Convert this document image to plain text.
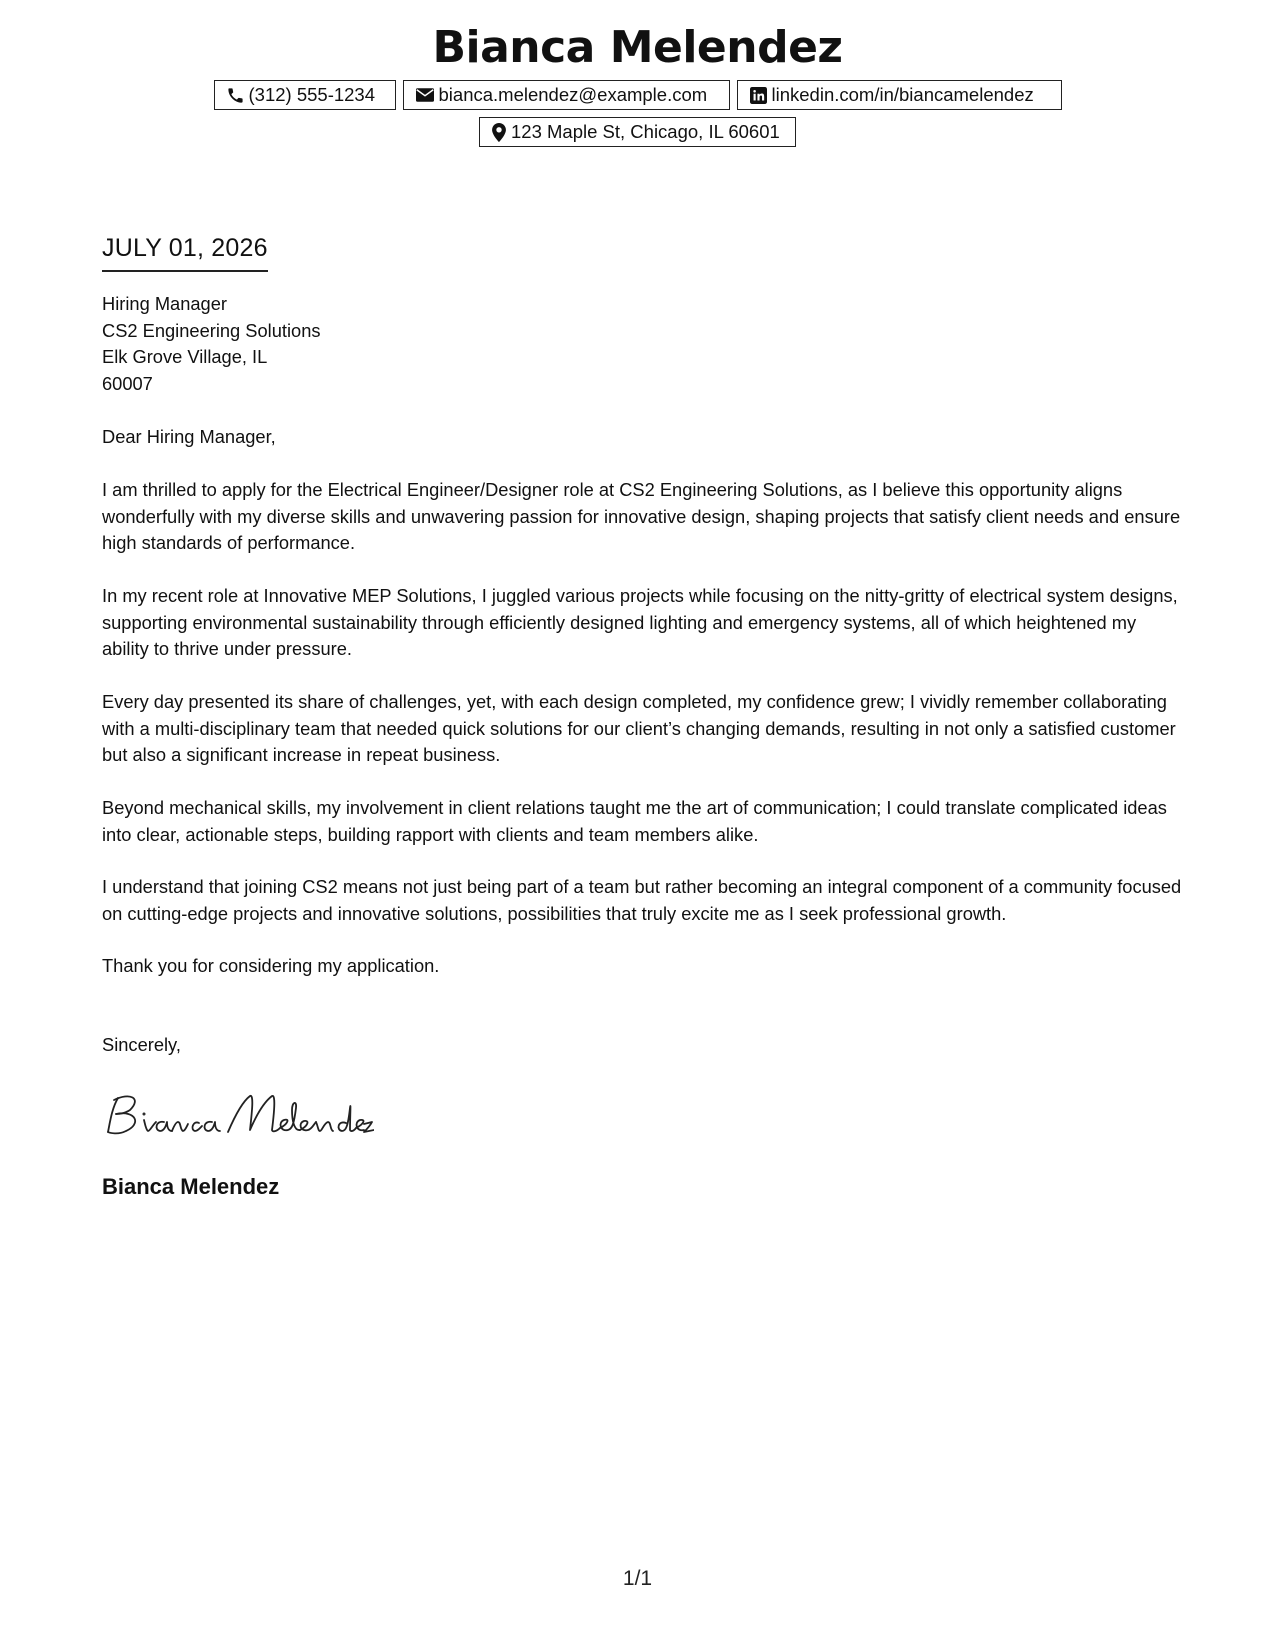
Bianca Melendez
(312) 555-1234	bianca.melendez@example.com	linkedin.com/in/biancamelendez
123 Maple St, Chicago, IL 60601
JULY 01, 2026
Hiring Manager
CS2 Engineering Solutions
Elk Grove Village, IL
60007
Dear Hiring Manager,

I am thrilled to apply for the Electrical Engineer/Designer role at CS2 Engineering Solutions, as I believe this opportunity aligns wonderfully with my diverse skills and unwavering passion for innovative design, shaping projects that satisfy client needs and ensure high standards of performance.

In my recent role at Innovative MEP Solutions, I juggled various projects while focusing on the nitty-gritty of electrical system designs, supporting environmental sustainability through efficiently designed lighting and emergency systems, all of which heightened my ability to thrive under pressure.

Every day presented its share of challenges, yet, with each design completed, my confidence grew; I vividly remember collaborating with a multi-disciplinary team that needed quick solutions for our client’s changing demands, resulting in not only a satisfied customer but also a significant increase in repeat business.

Beyond mechanical skills, my involvement in client relations taught me the art of communication; I could translate complicated ideas into clear, actionable steps, building rapport with clients and team members alike.

I understand that joining CS2 means not just being part of a team but rather becoming an integral component of a community focused on cutting-edge projects and innovative solutions, possibilities that truly excite me as I seek professional growth.

Thank you for considering my application.
Sincerely,
Bianca Melendez
1/1
